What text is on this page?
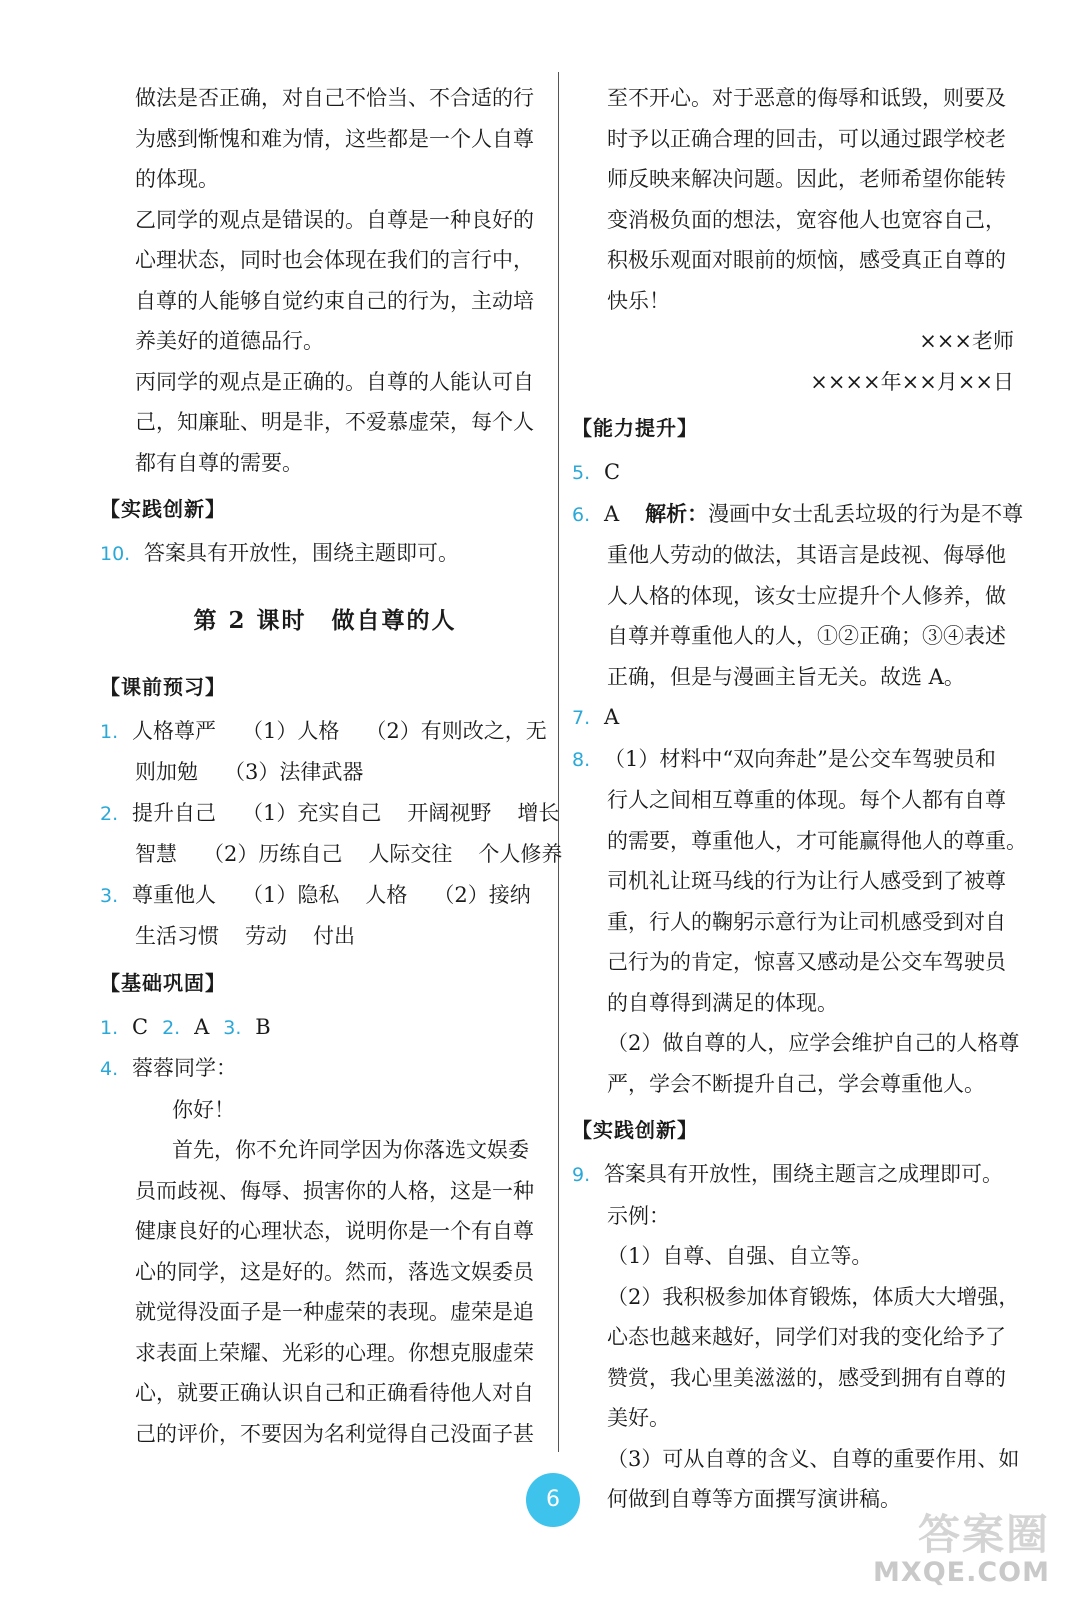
做法是否正确，对自己不恰当、不合适的行
为感到惭愧和难为情，这些都是一个人自尊
的体现。
乙同学的观点是错误的。自尊是一种良好的
心理状态，同时也会体现在我们的言行中，
自尊的人能够自觉约束自己的行为，主动培
养美好的道德品行。
丙同学的观点是正确的。自尊的人能认可自
己，知廉耻、明是非，不爱慕虚荣，每个人
都有自尊的需要。
【实践创新】
10. 答案具有开放性，围绕主题即可。
第 2 课时　做自尊的人
【课前预习】
1. 人格尊严 （1）人格 （2）有则改之，无
则加勉 （3）法律武器
2. 提升自己 （1）充实自己 开阔视野 增长
智慧 （2）历练自己 人际交往 个人修养
3. 尊重他人 （1）隐私 人格 （2）接纳
生活习惯 劳动 付出
【基础巩固】
1. C 2. A 3. B
4. 蓉蓉同学：
你好！
首先，你不允许同学因为你落选文娱委
员而歧视、侮辱、损害你的人格，这是一种
健康良好的心理状态，说明你是一个有自尊
心的同学，这是好的。然而，落选文娱委员
就觉得没面子是一种虚荣的表现。虚荣是追
求表面上荣耀、光彩的心理。你想克服虚荣
心，就要正确认识自己和正确看待他人对自
己的评价，不要因为名利觉得自己没面子甚
至不开心。对于恶意的侮辱和诋毁，则要及
时予以正确合理的回击，可以通过跟学校老
师反映来解决问题。因此，老师希望你能转
变消极负面的想法，宽容他人也宽容自己，
积极乐观面对眼前的烦恼，感受真正自尊的
快乐！
×××老师
××××年××月××日
【能力提升】
5. C
6. A 解析：漫画中女士乱丢垃圾的行为是不尊
重他人劳动的做法，其语言是歧视、侮辱他
人人格的体现，该女士应提升个人修养，做
自尊并尊重他人的人，①②正确；③④表述
正确，但是与漫画主旨无关。故选 A。
7. A
8. （1）材料中“双向奔赴”是公交车驾驶员和
行人之间相互尊重的体现。每个人都有自尊
的需要，尊重他人，才可能赢得他人的尊重。
司机礼让斑马线的行为让行人感受到了被尊
重，行人的鞠躬示意行为让司机感受到对自
己行为的肯定，惊喜又感动是公交车驾驶员
的自尊得到满足的体现。
（2）做自尊的人，应学会维护自己的人格尊
严，学会不断提升自己，学会尊重他人。
【实践创新】
9. 答案具有开放性，围绕主题言之成理即可。
示例：
（1）自尊、自强、自立等。
（2）我积极参加体育锻炼，体质大大增强，
心态也越来越好，同学们对我的变化给予了
赞赏，我心里美滋滋的，感受到拥有自尊的
美好。
（3）可从自尊的含义、自尊的重要作用、如
何做到自尊等方面撰写演讲稿。
6
答案圈
MXQE.COM
